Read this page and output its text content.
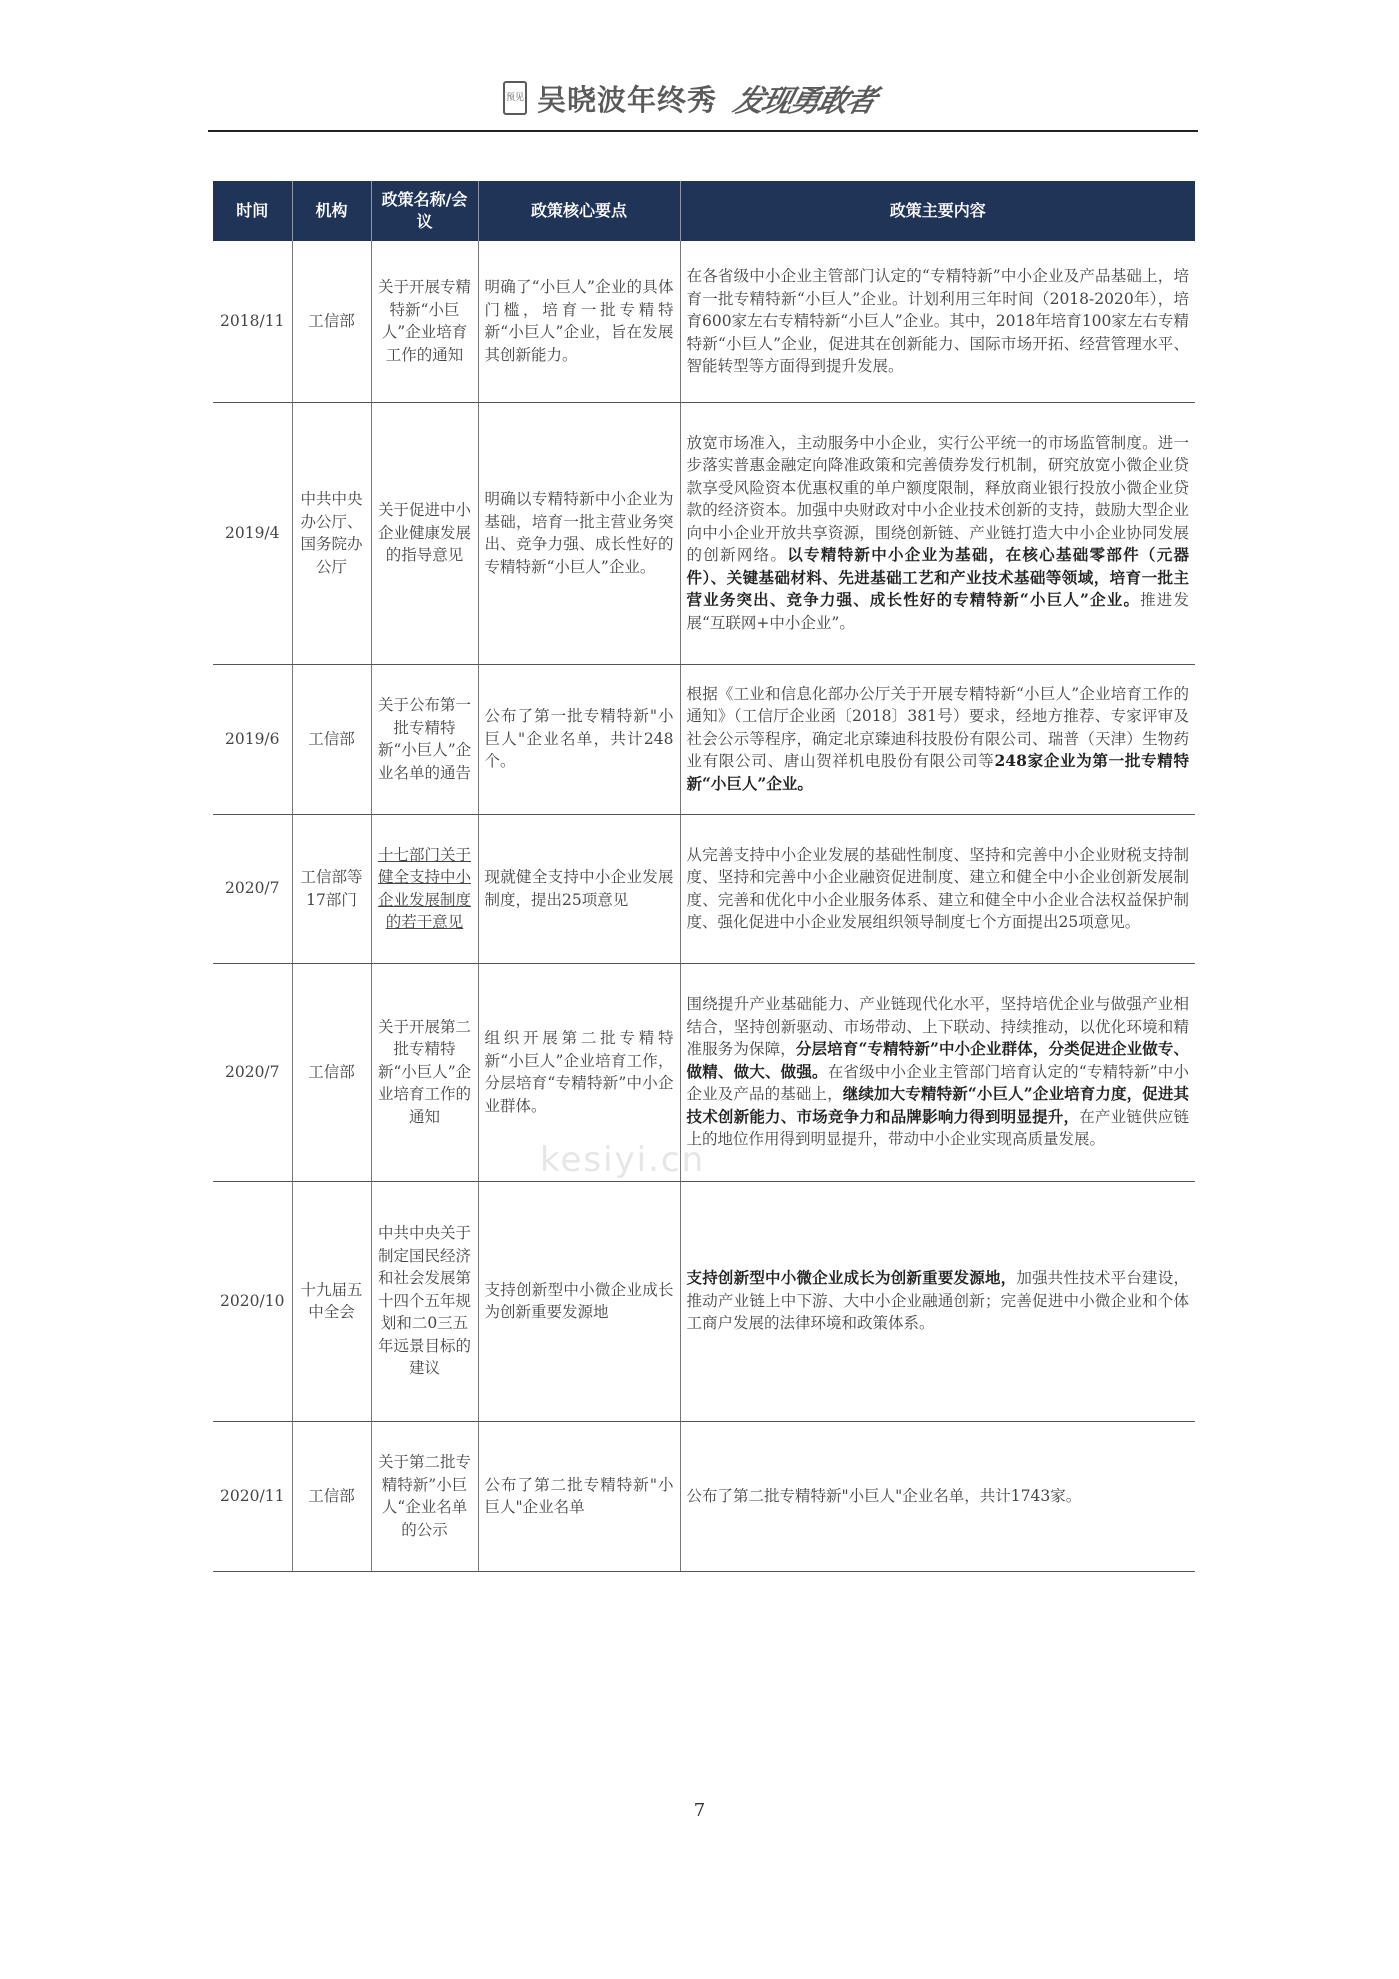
预见 吴晓波年终秀 发现勇敢者
kesiyi.cn
时间	机构	政策名称/会议	政策核心要点	政策主要内容
2018/11	工信部	关于开展专精特新“小巨人”企业培育工作的通知	明确了“小巨人”企业的具体门槛，培育一批专精特新“小巨人”企业，旨在发展其创新能力。	在各省级中小企业主管部门认定的“专精特新”中小企业及产品基础上，培育一批专精特新“小巨人”企业。计划利用三年时间（2018-2020年），培育600家左右专精特新“小巨人”企业。其中，2018年培育100家左右专精特新“小巨人”企业，促进其在创新能力、国际市场开拓、经营管理水平、智能转型等方面得到提升发展。
2019/4	中共中央办公厅、国务院办公厅	关于促进中小企业健康发展的指导意见	明确以专精特新中小企业为基础，培育一批主营业务突出、竞争力强、成长性好的专精特新“小巨人”企业。	放宽市场准入，主动服务中小企业，实行公平统一的市场监管制度。进一步落实普惠金融定向降准政策和完善债券发行机制，研究放宽小微企业贷款享受风险资本优惠权重的单户额度限制，释放商业银行投放小微企业贷款的经济资本。加强中央财政对中小企业技术创新的支持，鼓励大型企业向中小企业开放共享资源，围绕创新链、产业链打造大中小企业协同发展的创新网络。以专精特新中小企业为基础，在核心基础零部件（元器件）、关键基础材料、先进基础工艺和产业技术基础等领域，培育一批主营业务突出、竞争力强、成长性好的专精特新“小巨人”企业。推进发展“互联网+中小企业”。
2019/6	工信部	关于公布第一批专精特新“小巨人”企业名单的通告	公布了第一批专精特新"小巨人"企业名单，共计248个。	根据《工业和信息化部办公厅关于开展专精特新“小巨人”企业培育工作的通知》（工信厅企业函〔2018〕381号）要求，经地方推荐、专家评审及社会公示等程序，确定北京臻迪科技股份有限公司、瑞普（天津）生物药业有限公司、唐山贺祥机电股份有限公司等248家企业为第一批专精特新“小巨人”企业。
2020/7	工信部等17部门	十七部门关于健全支持中小企业发展制度的若干意见	现就健全支持中小企业发展制度，提出25项意见	从完善支持中小企业发展的基础性制度、坚持和完善中小企业财税支持制度、坚持和完善中小企业融资促进制度、建立和健全中小企业创新发展制度、完善和优化中小企业服务体系、建立和健全中小企业合法权益保护制度、强化促进中小企业发展组织领导制度七个方面提出25项意见。
2020/7	工信部	关于开展第二批专精特新“小巨人”企业培育工作的通知	组织开展第二批专精特新“小巨人”企业培育工作，分层培育“专精特新”中小企业群体。	围绕提升产业基础能力、产业链现代化水平，坚持培优企业与做强产业相结合，坚持创新驱动、市场带动、上下联动、持续推动，以优化环境和精准服务为保障，分层培育“专精特新”中小企业群体，分类促进企业做专、做精、做大、做强。在省级中小企业主管部门培育认定的“专精特新”中小企业及产品的基础上，继续加大专精特新“小巨人”企业培育力度，促进其技术创新能力、市场竞争力和品牌影响力得到明显提升，在产业链供应链上的地位作用得到明显提升，带动中小企业实现高质量发展。
2020/10	十九届五中全会	中共中央关于制定国民经济和社会发展第十四个五年规划和二0三五年远景目标的建议	支持创新型中小微企业成长为创新重要发源地	支持创新型中小微企业成长为创新重要发源地，加强共性技术平台建设，推动产业链上中下游、大中小企业融通创新；完善促进中小微企业和个体工商户发展的法律环境和政策体系。
2020/11	工信部	关于第二批专精特新”小巨人“企业名单的公示	公布了第二批专精特新"小巨人"企业名单	公布了第二批专精特新"小巨人"企业名单，共计1743家。
7
